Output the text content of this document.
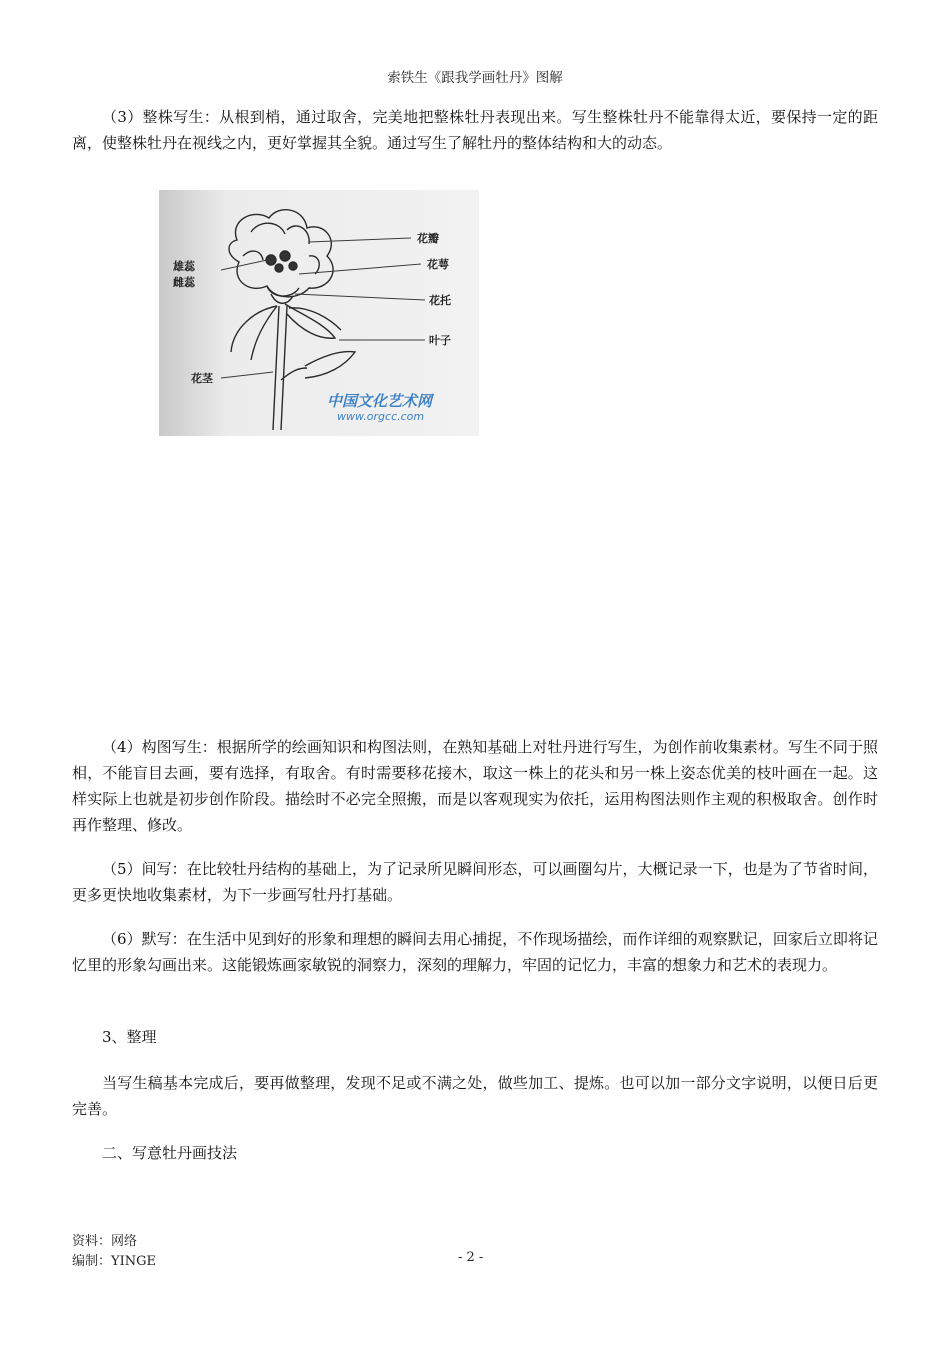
索铁生《跟我学画牡丹》图解

（3）整株写生：从根到梢，通过取舍，完美地把整株牡丹表现出来。写生整株牡丹不能靠得太近，要保持一定的距离，使整株牡丹在视线之内，更好掌握其全貌。通过写生了解牡丹的整体结构和大的动态。

花瓣
花萼
花托
叶子
雄蕊
雌蕊
花茎
中国文化艺术网
www.orgcc.com

（4）构图写生：根据所学的绘画知识和构图法则，在熟知基础上对牡丹进行写生，为创作前收集素材。写生不同于照相，不能盲目去画，要有选择，有取舍。有时需要移花接木，取这一株上的花头和另一株上姿态优美的枝叶画在一起。这样实际上也就是初步创作阶段。描绘时不必完全照搬，而是以客观现实为依托，运用构图法则作主观的积极取舍。创作时再作整理、修改。

（5）间写：在比较牡丹结构的基础上，为了记录所见瞬间形态，可以画圈勾片，大概记录一下，也是为了节省时间，更多更快地收集素材，为下一步画写牡丹打基础。

（6）默写：在生活中见到好的形象和理想的瞬间去用心捕捉，不作现场描绘，而作详细的观察默记，回家后立即将记忆里的形象勾画出来。这能锻炼画家敏锐的洞察力，深刻的理解力，牢固的记忆力，丰富的想象力和艺术的表现力。

3、整理

当写生稿基本完成后，要再做整理，发现不足或不满之处，做些加工、提炼。也可以加一部分文字说明，以便日后更完善。

二、写意牡丹画技法

资料：网络
编制：YINGE	- 2 -
